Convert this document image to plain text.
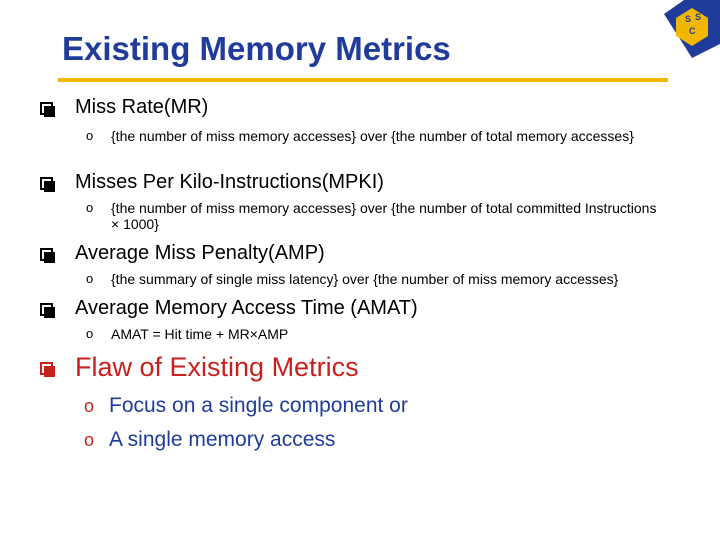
Existing Memory Metrics
S S
C
Miss Rate(MR)
o	{the number of miss memory accesses} over {the number of total memory accesses}
Misses Per Kilo-Instructions(MPKI)
o	{the number of miss memory accesses} over {the number of total committed Instructions × 1000}
Average Miss Penalty(AMP)
o	{the summary of single miss latency} over {the number of miss memory accesses}
Average Memory Access Time (AMAT)
o	AMAT = Hit time + MR×AMP
Flaw of Existing Metrics
o Focus on a single component or
o A single memory access
